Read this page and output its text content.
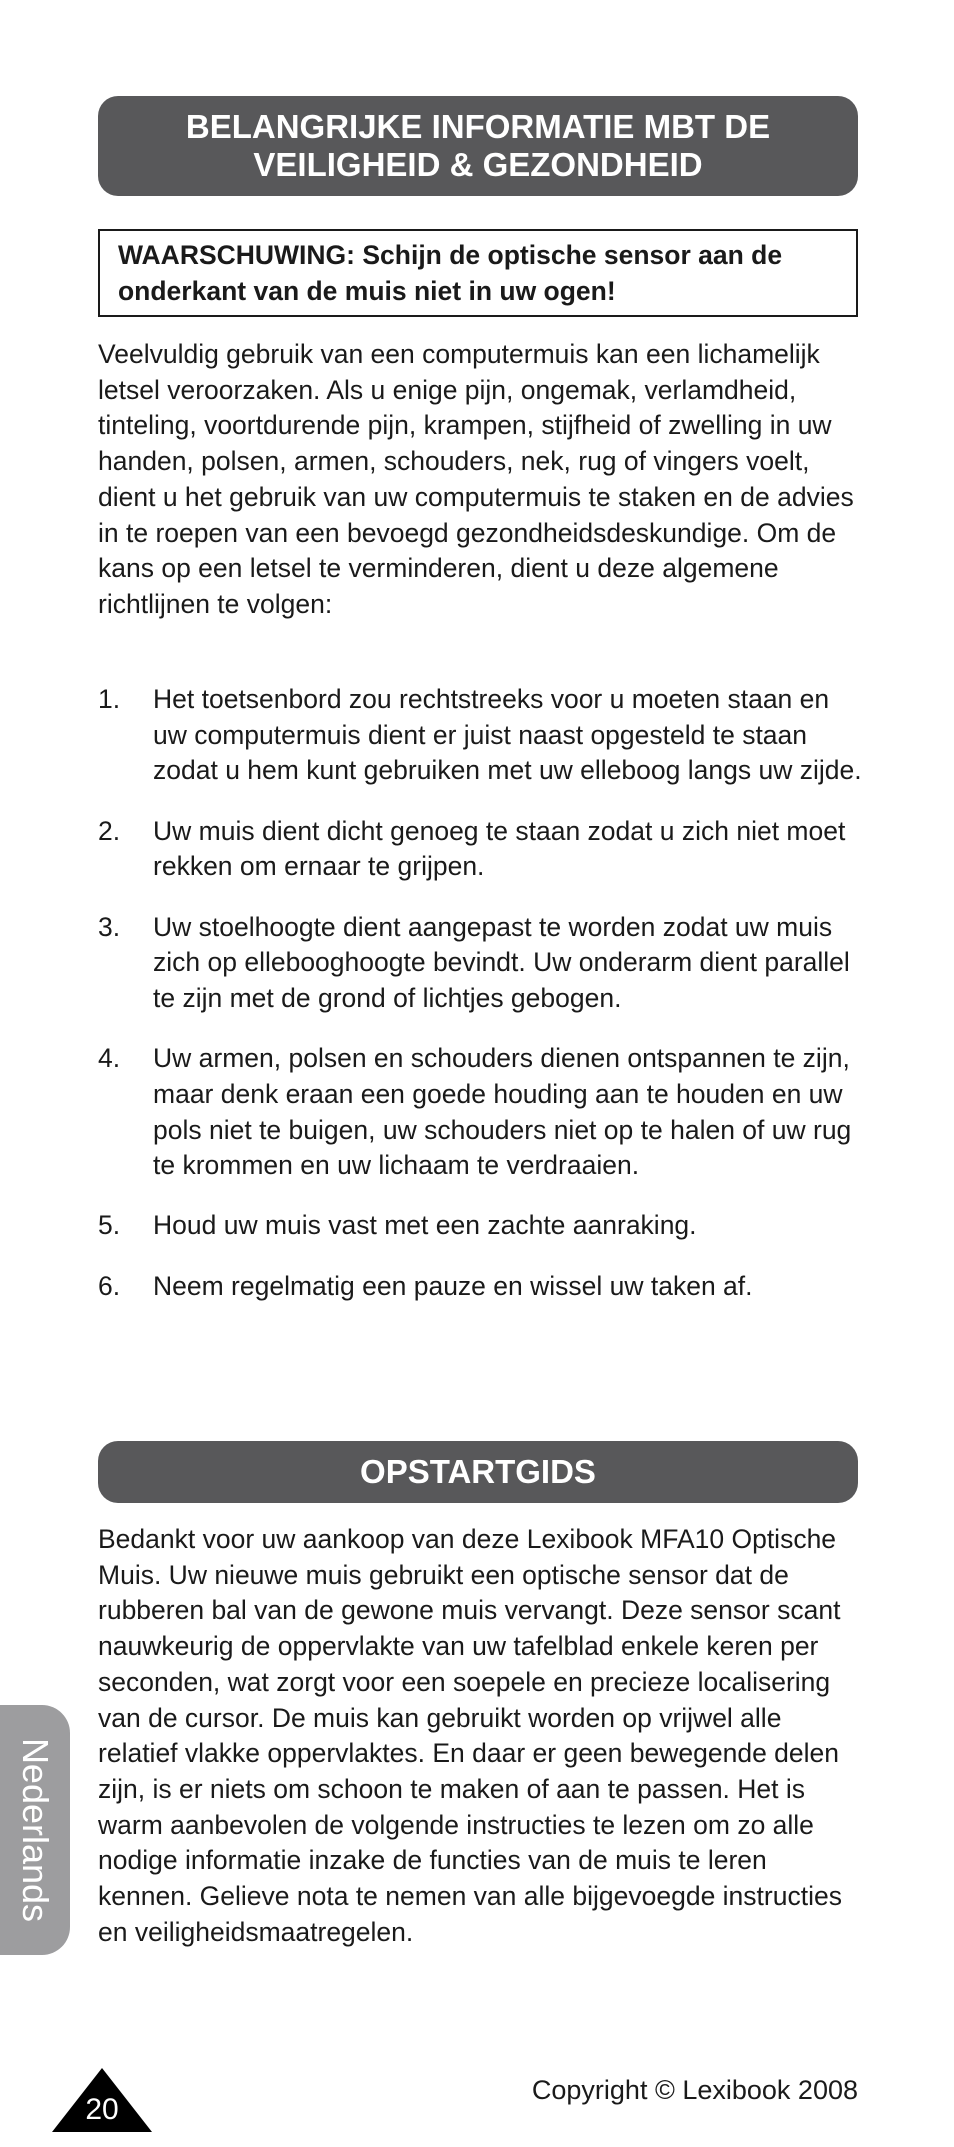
BELANGRIJKE INFORMATIE MBT DE
VEILIGHEID & GEZONDHEID
WAARSCHUWING: Schijn de optische sensor aan de onderkant van de muis niet in uw ogen!

Veelvuldig gebruik van een computermuis kan een lichamelijk letsel veroorzaken. Als u enige pijn, ongemak, verlamdheid, tinteling, voortdurende pijn, krampen, stijfheid of zwelling in uw handen, polsen, armen, schouders, nek, rug of vingers voelt, dient u het gebruik van uw computermuis te staken en de advies in te roepen van een bevoegd gezondheidsdeskundige. Om de kans op een letsel te verminderen, dient u deze algemene richtlijnen te volgen:

1. Het toetsenbord zou rechtstreeks voor u moeten staan en uw computermuis dient er juist naast opgesteld te staan zodat u hem kunt gebruiken met uw elleboog langs uw zijde.
2. Uw muis dient dicht genoeg te staan zodat u zich niet moet rekken om ernaar te grijpen.
3. Uw stoelhoogte dient aangepast te worden zodat uw muis zich op ellebooghoogte bevindt. Uw onderarm dient parallel te zijn met de grond of lichtjes gebogen.
4. Uw armen, polsen en schouders dienen ontspannen te zijn, maar denk eraan een goede houding aan te houden en uw pols niet te buigen, uw schouders niet op te halen of uw rug te krommen en uw lichaam te verdraaien.
5. Houd uw muis vast met een zachte aanraking.
6. Neem regelmatig een pauze en wissel uw taken af.
OPSTARTGIDS

Bedankt voor uw aankoop van deze Lexibook MFA10 Optische Muis. Uw nieuwe muis gebruikt een optische sensor dat de rubberen bal van de gewone muis vervangt. Deze sensor scant nauwkeurig de oppervlakte van uw tafelblad enkele keren per seconden, wat zorgt voor een soepele en precieze localisering van de cursor. De muis kan gebruikt worden op vrijwel alle relatief vlakke oppervlaktes. En daar er geen bewegende delen zijn, is er niets om schoon te maken of aan te passen. Het is warm aanbevolen de volgende instructies te lezen om zo alle nodige informatie inzake de functies van de muis te leren kennen. Gelieve nota te nemen van alle bijgevoegde instructies en veiligheidsmaatregelen.

Nederlands
20
Copyright © Lexibook 2008
